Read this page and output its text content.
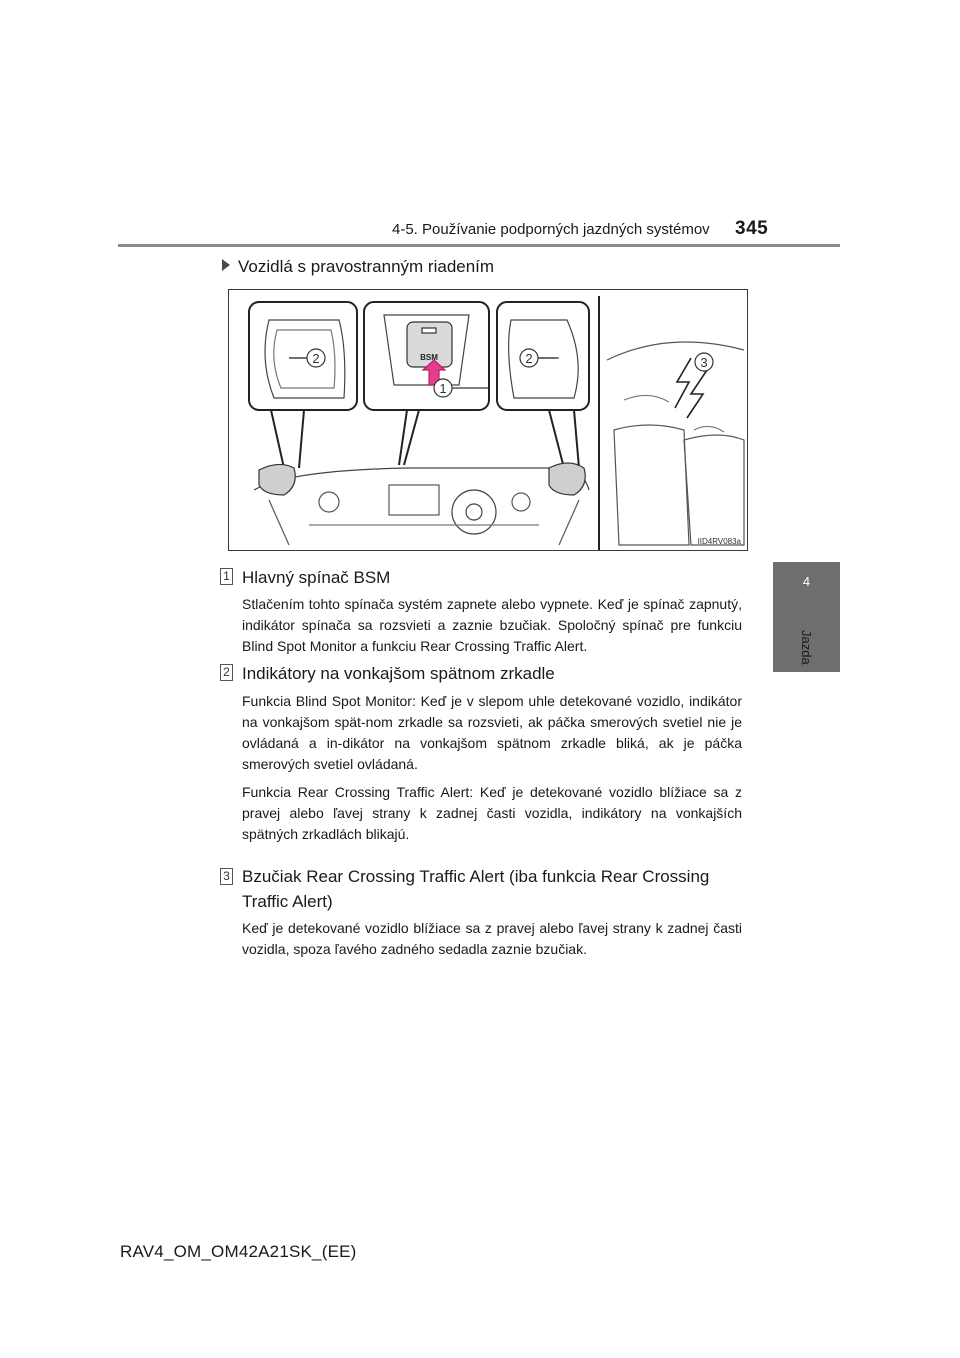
4-5. Používanie podporných jazdných systémov 345
4
Jazda
Vozidlá s pravostranným riadením
2
1
2	3
BSM
IID4RV083a
1 Hlavný spínač BSM

Stlačením tohto spínača systém zapnete alebo vypnete. Keď je spínač zapnutý, indikátor spínača sa rozsvieti a zaznie bzučiak. Spoločný spínač pre funkciu Blind Spot Monitor a funkciu Rear Crossing Traffic Alert.

2 Indikátory na vonkajšom spätnom zrkadle

Funkcia Blind Spot Monitor: Keď je v slepom uhle detekované vozidlo, indikátor na vonkajšom spät-nom zrkadle sa rozsvieti, ak páčka smerových svetiel nie je ovládaná a in-dikátor na vonkajšom spätnom zrkadle bliká, ak je páčka smerových svetiel ovládaná.

Funkcia Rear Crossing Traffic Alert: Keď je detekované vozidlo blížiace sa z pravej alebo ľavej strany k zadnej časti vozidla, indikátory na vonkajších spätných zrkadlách blikajú.

3 Bzučiak Rear Crossing Traffic Alert (iba funkcia Rear Crossing Traffic Alert)

Keď je detekované vozidlo blížiace sa z pravej alebo ľavej strany k zadnej časti vozidla, spoza ľavého zadného sedadla zaznie bzučiak.

RAV4_OM_OM42A21SK_(EE)
